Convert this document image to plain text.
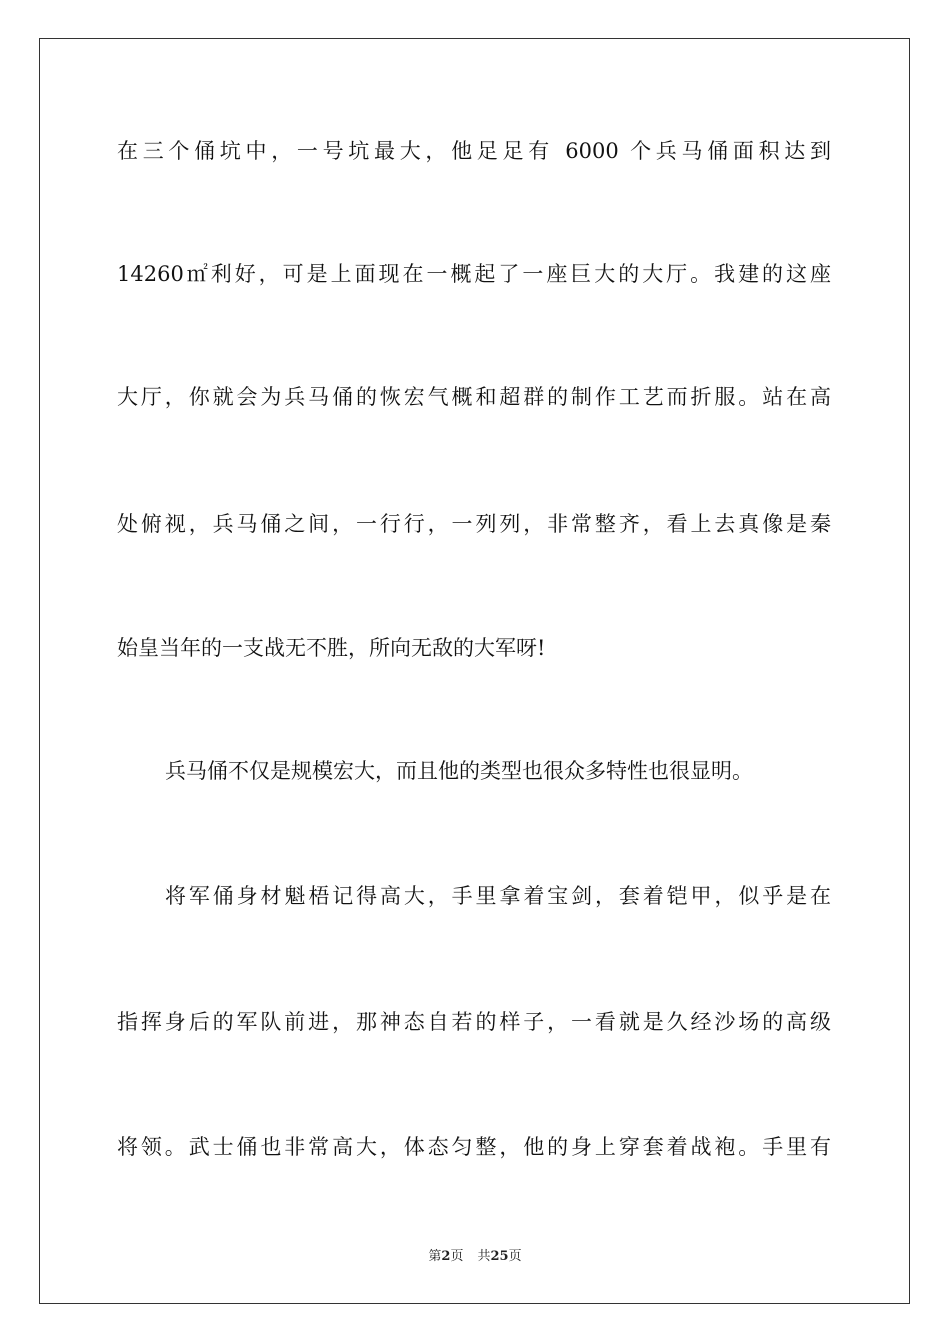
在三个俑坑中，一号坑最大，他足足有 6000 个兵马俑面积达到
14260㎡利好，可是上面现在一概起了一座巨大的大厅。我建的这座
大厅，你就会为兵马俑的恢宏气概和超群的制作工艺而折服。站在高
处俯视，兵马俑之间，一行行，一列列，非常整齐，看上去真像是秦
始皇当年的一支战无不胜，所向无敌的大军呀!
兵马俑不仅是规模宏大，而且他的类型也很众多特性也很显明。
将军俑身材魁梧记得高大，手里拿着宝剑，套着铠甲，似乎是在
指挥身后的军队前进，那神态自若的样子，一看就是久经沙场的高级
将领。武士俑也非常高大，体态匀整，他的身上穿套着战袍。手里有
第2页 共25页
